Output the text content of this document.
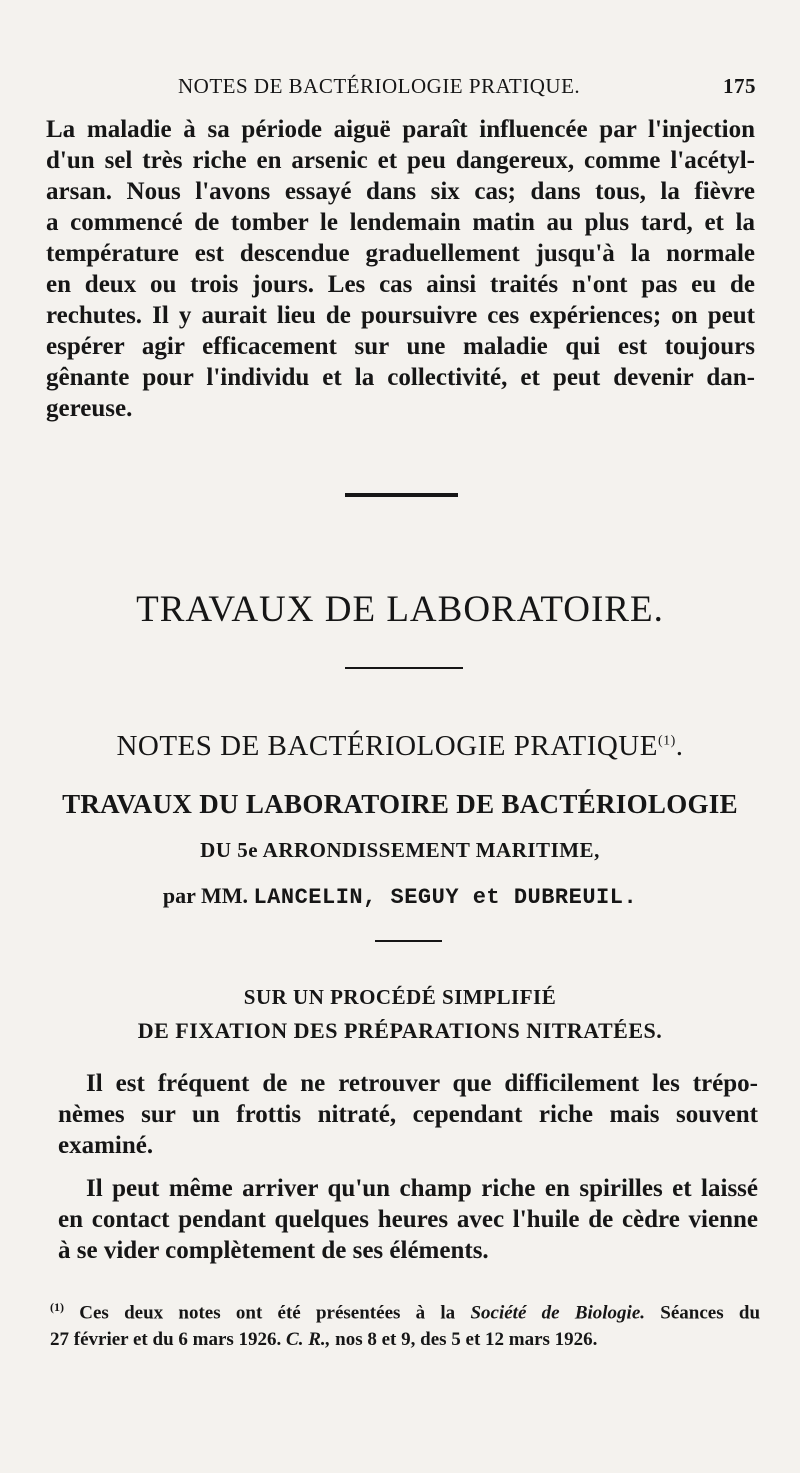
NOTES DE BACTÉRIOLOGIE PRATIQUE.	175

La maladie à sa période aiguë paraît influencée par l'injection
d'un sel très riche en arsenic et peu dangereux, comme l'acétyl-
arsan. Nous l'avons essayé dans six cas; dans tous, la fièvre
a commencé de tomber le lendemain matin au plus tard, et la
température est descendue graduellement jusqu'à la normale
en deux ou trois jours. Les cas ainsi traités n'ont pas eu de
rechutes. Il y aurait lieu de poursuivre ces expériences; on peut
espérer agir efficacement sur une maladie qui est toujours
gênante pour l'individu et la collectivité, et peut devenir dan-
gereuse.

TRAVAUX DE LABORATOIRE.
NOTES DE BACTÉRIOLOGIE PRATIQUE$^{(1)}$.
TRAVAUX DU LABORATOIRE DE BACTÉRIOLOGIE
DU 5e ARRONDISSEMENT MARITIME,
par MM. LANCELIN, SEGUY et DUBREUIL.
SUR UN PROCÉDÉ SIMPLIFIÉ
DE FIXATION DES PRÉPARATIONS NITRATÉES.

Il est fréquent de ne retrouver que difficilement les trépo-
nèmes sur un frottis nitraté, cependant riche mais souvent
examiné.

Il peut même arriver qu'un champ riche en spirilles et laissé
en contact pendant quelques heures avec l'huile de cèdre vienne
à se vider complètement de ses éléments.

$^{(1)}$ Ces deux notes ont été présentées à la Société de Biologie. Séances du
27 février et du 6 mars 1926. C. R., nos 8 et 9, des 5 et 12 mars 1926.
